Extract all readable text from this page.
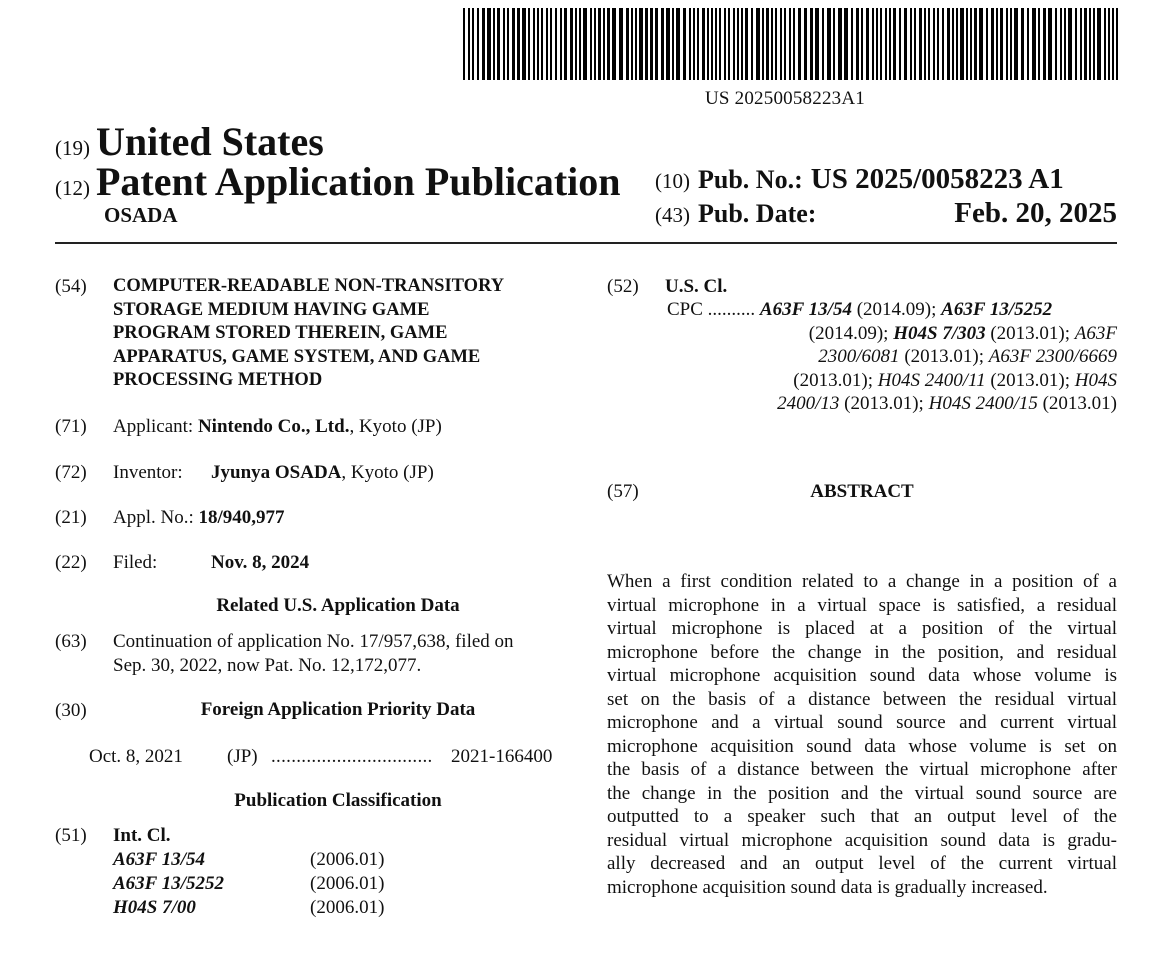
US 20250058223A1
(19) United States
(12) Patent Application Publication
OSADA
(10) Pub. No.: US 2025/0058223 A1
(43) Pub. Date:	Feb. 20, 2025
(54) COMPUTER-READABLE NON-TRANSITORY
STORAGE MEDIUM HAVING GAME
PROGRAM STORED THEREIN, GAME
APPARATUS, GAME SYSTEM, AND GAME
PROCESSING METHOD
(71) Applicant: Nintendo Co., Ltd., Kyoto (JP)
(72) Inventor: Jyunya OSADA, Kyoto (JP)
(21) Appl. No.: 18/940,977
(22) Filed:	Nov. 8, 2024
Related U.S. Application Data
(63) Continuation of application No. 17/957,638, filed on
Sep. 30, 2022, now Pat. No. 12,172,077.
(30)	Foreign Application Priority Data
Oct. 8, 2021 (JP) ................................ 2021-166400
Publication Classification
(51) Int. Cl.
A63F 13/54	(2006.01)
A63F 13/5252	(2006.01)
H04S 7/00	(2006.01)
(52) U.S. Cl.
CPC .......... A63F 13/54 (2014.09); A63F 13/5252
(2014.09); H04S 7/303 (2013.01); A63F
2300/6081 (2013.01); A63F 2300/6669
(2013.01); H04S 2400/11 (2013.01); H04S
2400/13 (2013.01); H04S 2400/15 (2013.01)
(57)	ABSTRACT
When a first condition related to a change in a position of a
virtual microphone in a virtual space is satisfied, a residual
virtual microphone is placed at a position of the virtual
microphone before the change in the position, and residual
virtual microphone acquisition sound data whose volume is
set on the basis of a distance between the residual virtual
microphone and a virtual sound source and current virtual
microphone acquisition sound data whose volume is set on
the basis of a distance between the virtual microphone after
the change in the position and the virtual sound source are
outputted to a speaker such that an output level of the
residual virtual microphone acquisition sound data is gradu-
ally decreased and an output level of the current virtual
microphone acquisition sound data is gradually increased.
